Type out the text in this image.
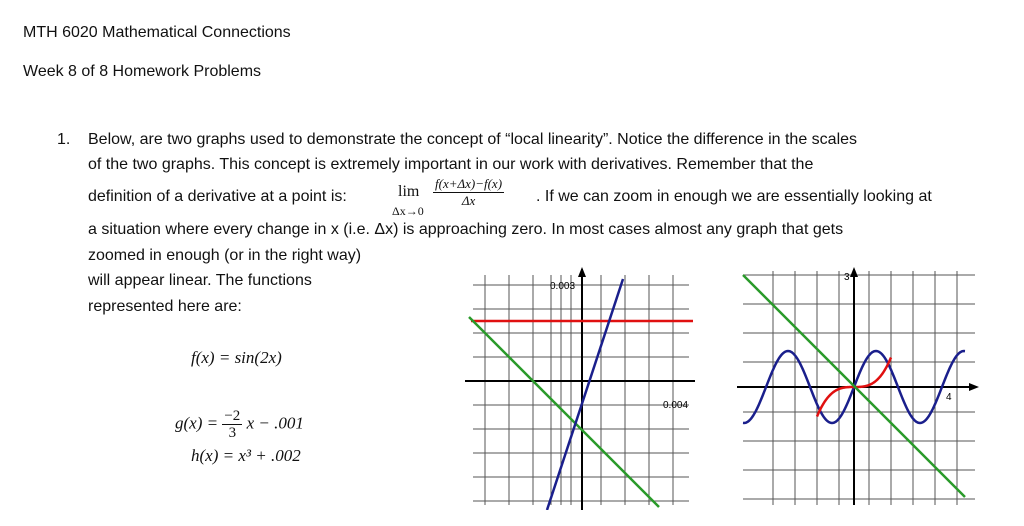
MTH 6020 Mathematical Connections
Week 8 of 8 Homework Problems
1. Below, are two graphs used to demonstrate the concept of “local linearity”. Notice the difference in the scales
of the two graphs. This concept is extremely important in our work with derivatives. Remember that the
definition of a derivative at a point is:	lim
Δx→0
$\frac{f(x+\Delta x)-f(x)}{\Delta x}$ . If we can zoom in enough we are essentially looking at
a situation where every change in x (i.e. Δx) is approaching zero. In most cases almost any graph that gets
zoomed in enough (or in the right way)
will appear linear. The functions
represented here are:
f(x) = sin(2x)
$g(x) = \frac{-2}{3}$ x − .001
h(x) = x³ + .002
0.003
0.004
3
4
